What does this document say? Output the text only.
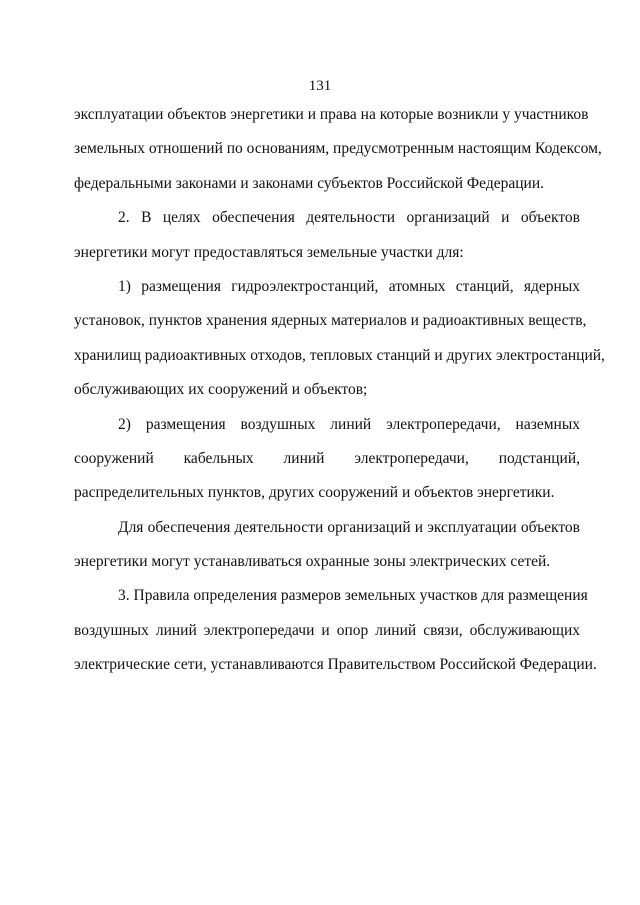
131
эксплуатации объектов энергетики и права на которые возникли у участников
земельных отношений по основаниям, предусмотренным настоящим Кодексом,
федеральными законами и законами субъектов Российской Федерации.
2. В целях обеспечения деятельности организаций и объектов
энергетики могут предоставляться земельные участки для:
1) размещения гидроэлектростанций, атомных станций, ядерных
установок, пунктов хранения ядерных материалов и радиоактивных веществ,
хранилищ радиоактивных отходов, тепловых станций и других электростанций,
обслуживающих их сооружений и объектов;
2) размещения воздушных линий электропередачи, наземных
сооружений кабельных линий электропередачи, подстанций,
распределительных пунктов, других сооружений и объектов энергетики.
Для обеспечения деятельности организаций и эксплуатации объектов
энергетики могут устанавливаться охранные зоны электрических сетей.
3. Правила определения размеров земельных участков для размещения
воздушных линий электропередачи и опор линий связи, обслуживающих
электрические сети, устанавливаются Правительством Российской Федерации.
